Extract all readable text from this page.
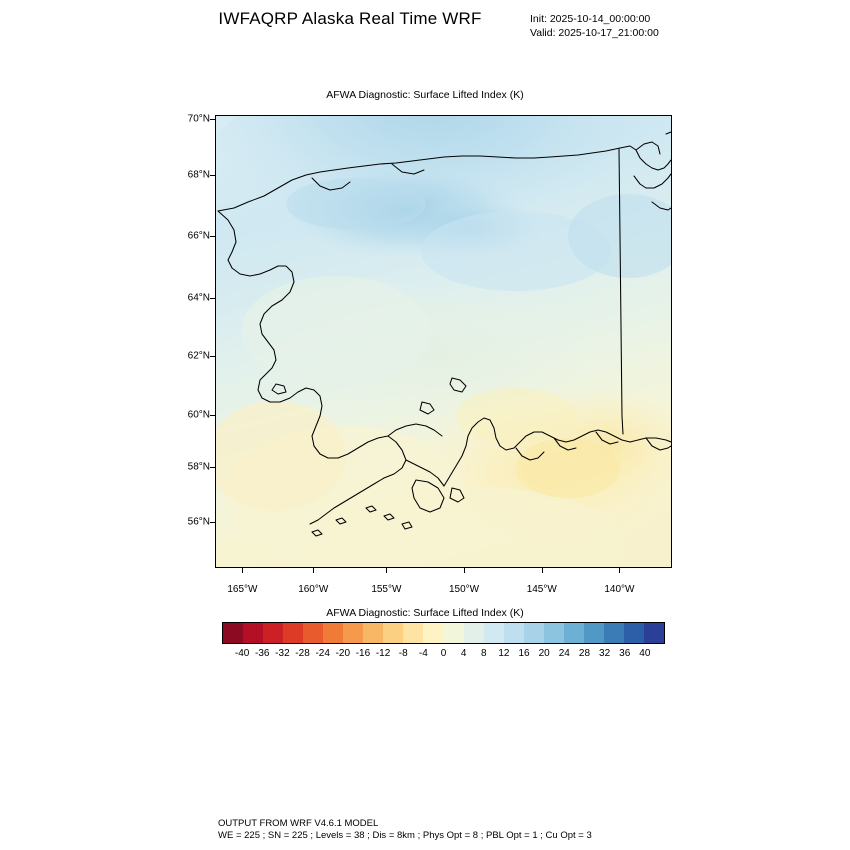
IWFAQRP Alaska Real Time WRF	Init: 2025-10-14_00:00:00
Valid: 2025-10-17_21:00:00
AFWA Diagnostic: Surface Lifted Index (K)
70°N
68°N
66°N
64°N
62°N
60°N
58°N
56°N
165°W	160°W	155°W	150°W	145°W	140°W
AFWA Diagnostic: Surface Lifted Index (K)
-40 -36 -32 -28 -24 -20 -16 -12 -8	-4	0	4	8	12 16 20 24 28 32 36 40
OUTPUT FROM WRF V4.6.1 MODEL
WE = 225 ; SN = 225 ; Levels = 38 ; Dis = 8km ; Phys Opt = 8 ; PBL Opt = 1 ; Cu Opt = 3
